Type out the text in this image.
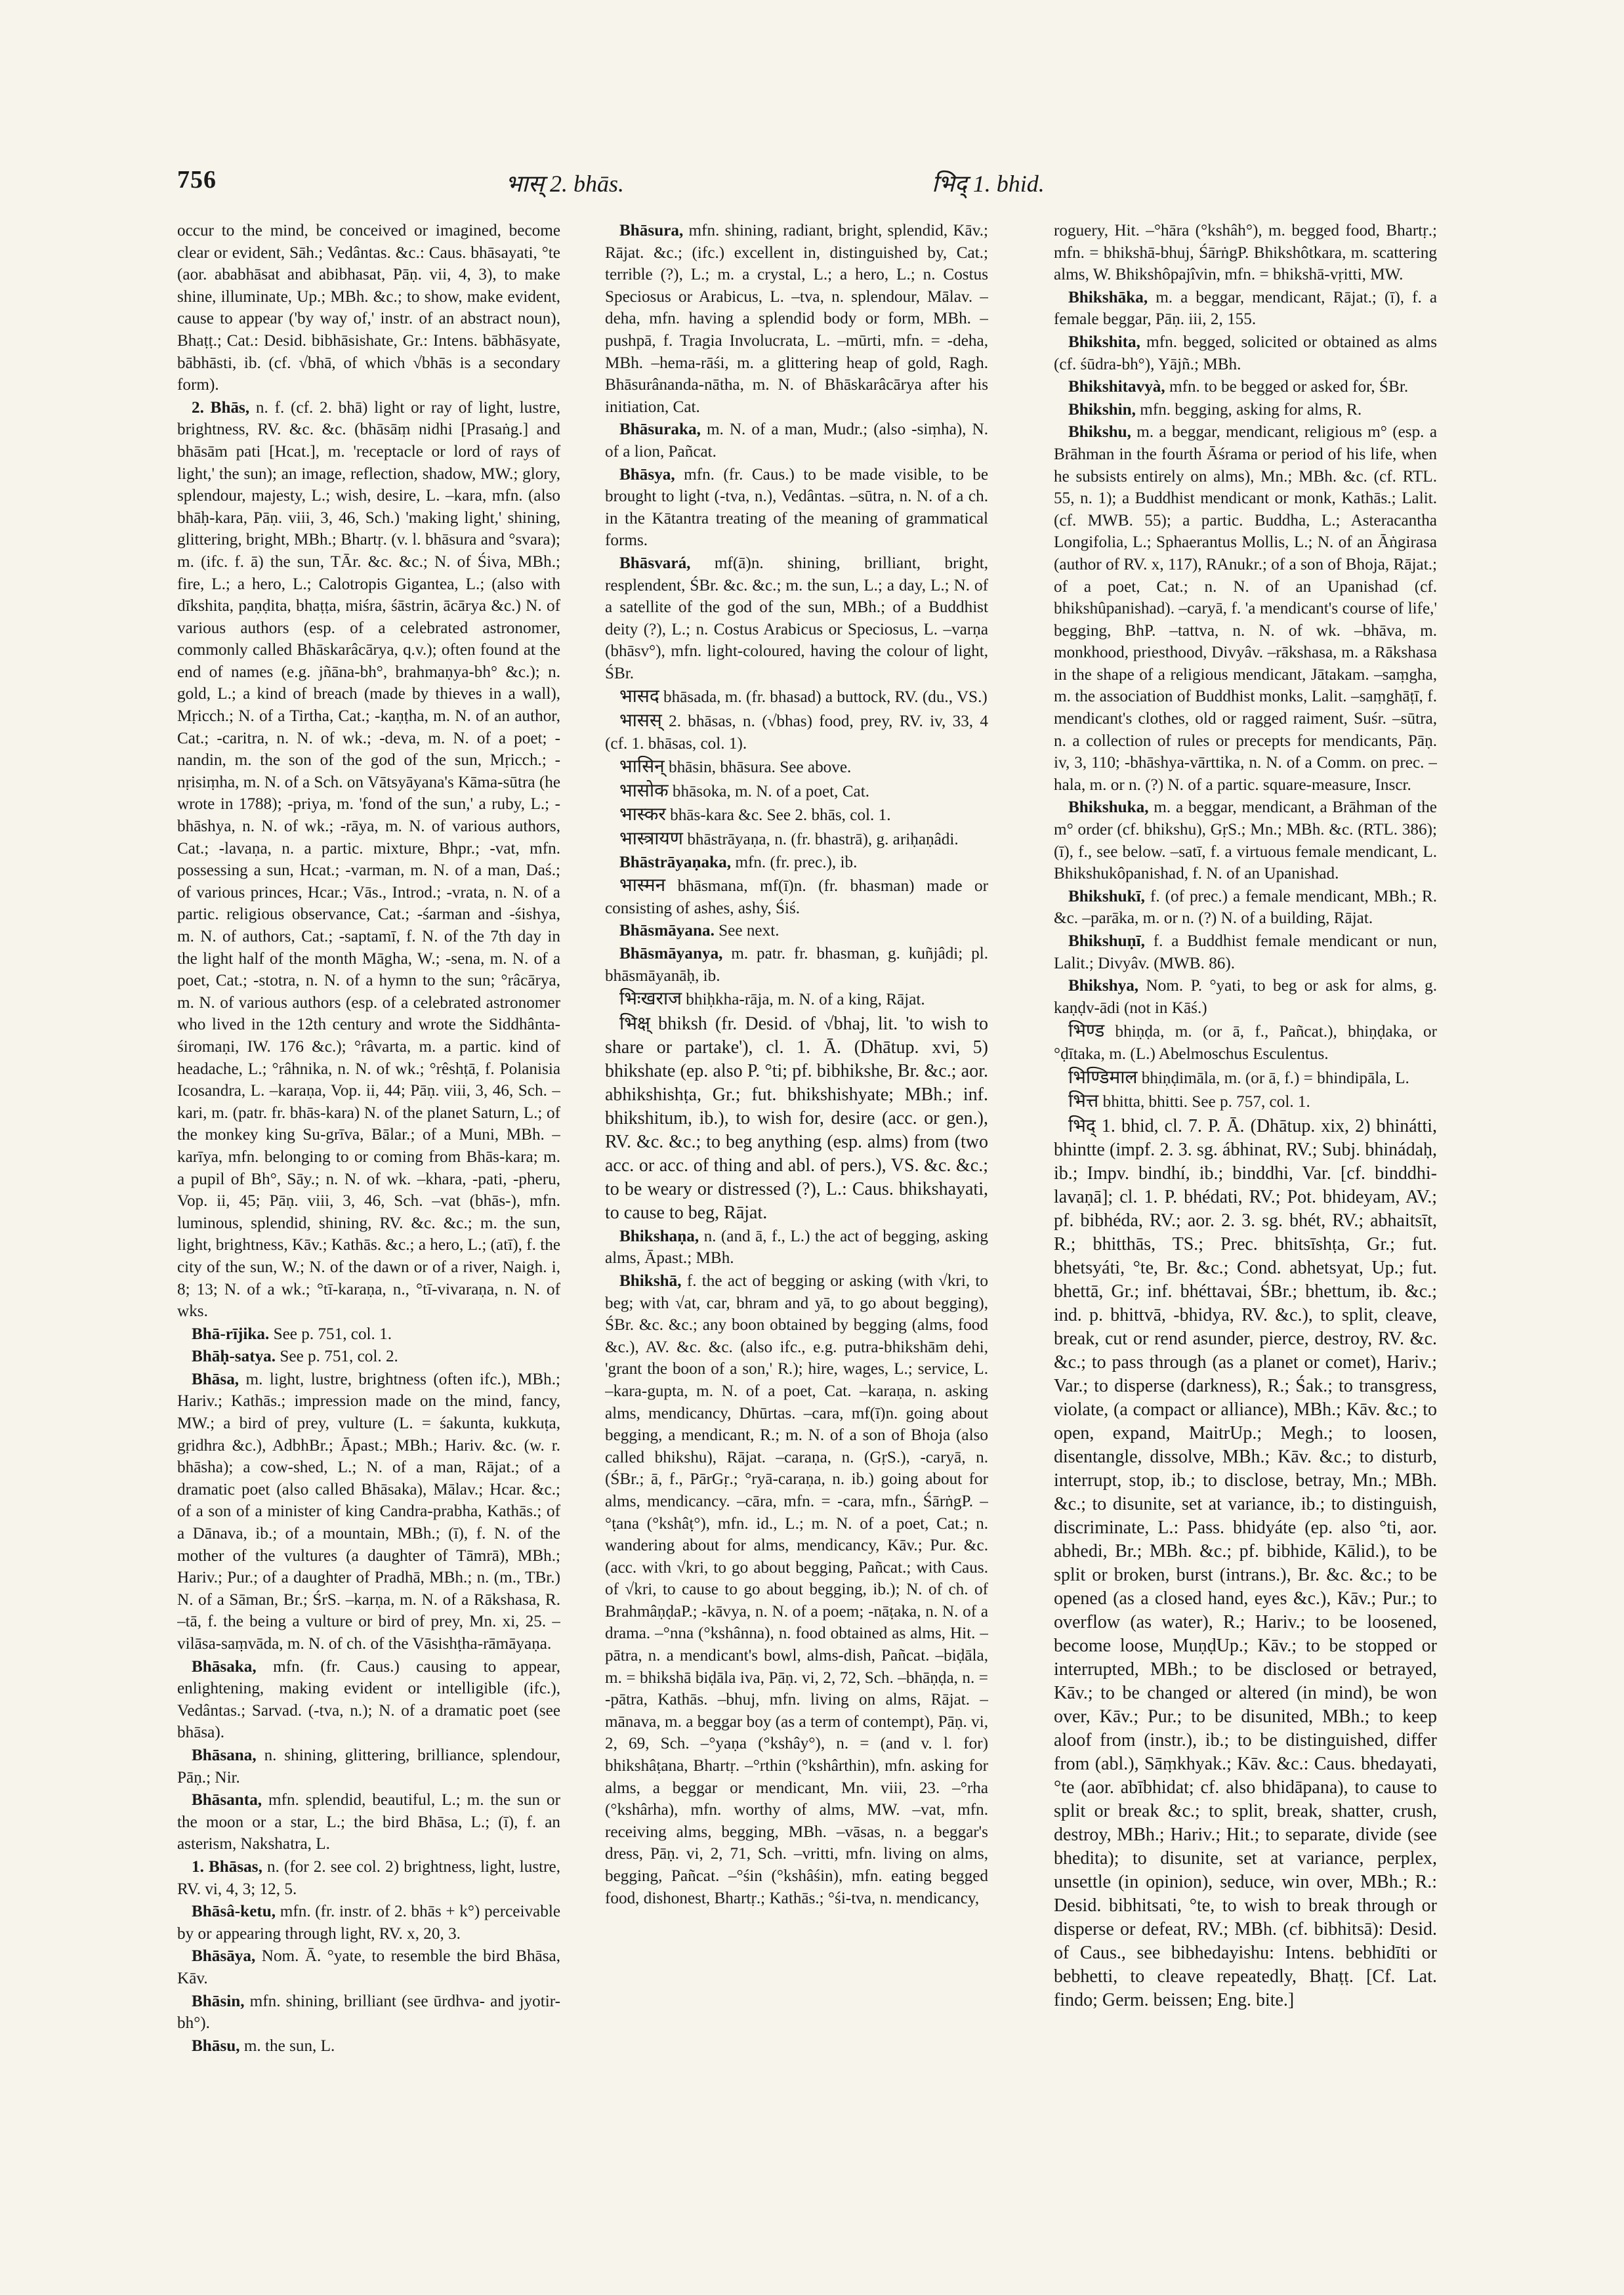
756	भास् 2. bhās.	भिद् 1. bhid.

occur to the mind, be conceived or imagined, become clear or evident, Sāh.; Vedântas. &c.: Caus. bhāsayati, °te (aor. ababhāsat and abibhasat, Pāṇ. vii, 4, 3), to make shine, illuminate, Up.; MBh. &c.; to show, make evident, cause to appear ('by way of,' instr. of an abstract noun), Bhaṭṭ.; Cat.: Desid. bibhāsishate, Gr.: Intens. bābhāsyate, bābhāsti, ib. (cf. √bhā, of which √bhās is a secondary form).

2. Bhās, n. f. (cf. 2. bhā) light or ray of light, lustre, brightness, RV. &c. &c. (bhāsāṃ nidhi [Prasaṅg.] and bhāsām pati [Hcat.], m. 'receptacle or lord of rays of light,' the sun); an image, reflection, shadow, MW.; glory, splendour, majesty, L.; wish, desire, L. –kara, mfn. (also bhāḥ-kara, Pāṇ. viii, 3, 46, Sch.) 'making light,' shining, glittering, bright, MBh.; Bhartṛ. (v. l. bhāsura and °svara); m. (ifc. f. ā) the sun, TĀr. &c. &c.; N. of Śiva, MBh.; fire, L.; a hero, L.; Calotropis Gigantea, L.; (also with dīkshita, paṇḍita, bhaṭṭa, miśra, śāstrin, ācārya &c.) N. of various authors (esp. of a celebrated astronomer, commonly called Bhāskarâcārya, q.v.); often found at the end of names (e.g. jñāna-bh°, brahmaṇya-bh° &c.); n. gold, L.; a kind of breach (made by thieves in a wall), Mṛicch.; N. of a Tirtha, Cat.; -kaṇṭha, m. N. of an author, Cat.; -caritra, n. N. of wk.; -deva, m. N. of a poet; -nandin, m. the son of the god of the sun, Mṛicch.; -nṛisiṃha, m. N. of a Sch. on Vātsyāyana's Kāma-sūtra (he wrote in 1788); -priya, m. 'fond of the sun,' a ruby, L.; -bhāshya, n. N. of wk.; -rāya, m. N. of various authors, Cat.; -lavaṇa, n. a partic. mixture, Bhpr.; -vat, mfn. possessing a sun, Hcat.; -varman, m. N. of a man, Daś.; of various princes, Hcar.; Vās., Introd.; -vrata, n. N. of a partic. religious observance, Cat.; -śarman and -śishya, m. N. of authors, Cat.; -saptamī, f. N. of the 7th day in the light half of the month Māgha, W.; -sena, m. N. of a poet, Cat.; -stotra, n. N. of a hymn to the sun; °râcārya, m. N. of various authors (esp. of a celebrated astronomer who lived in the 12th century and wrote the Siddhânta-śiromaṇi, IW. 176 &c.); °râvarta, m. a partic. kind of headache, L.; °râhnika, n. N. of wk.; °rêshṭā, f. Polanisia Icosandra, L. –karaṇa, Vop. ii, 44; Pāṇ. viii, 3, 46, Sch. –kari, m. (patr. fr. bhās-kara) N. of the planet Saturn, L.; of the monkey king Su-grīva, Bālar.; of a Muni, MBh. –karīya, mfn. belonging to or coming from Bhās-kara; m. a pupil of Bh°, Sāy.; n. N. of wk. –khara, -pati, -pheru, Vop. ii, 45; Pāṇ. viii, 3, 46, Sch. –vat (bhās-), mfn. luminous, splendid, shining, RV. &c. &c.; m. the sun, light, brightness, Kāv.; Kathās. &c.; a hero, L.; (atī), f. the city of the sun, W.; N. of the dawn or of a river, Naigh. i, 8; 13; N. of a wk.; °tī-karaṇa, n., °tī-vivaraṇa, n. N. of wks.

Bhā-rījika. See p. 751, col. 1.

Bhāḥ-satya. See p. 751, col. 2.

Bhāsa, m. light, lustre, brightness (often ifc.), MBh.; Hariv.; Kathās.; impression made on the mind, fancy, MW.; a bird of prey, vulture (L. = śakunta, kukkuṭa, gṛidhra &c.), AdbhBr.; Āpast.; MBh.; Hariv. &c. (w. r. bhāsha); a cow-shed, L.; N. of a man, Rājat.; of a dramatic poet (also called Bhāsaka), Mālav.; Hcar. &c.; of a son of a minister of king Candra-prabha, Kathās.; of a Dānava, ib.; of a mountain, MBh.; (ī), f. N. of the mother of the vultures (a daughter of Tāmrā), MBh.; Hariv.; Pur.; of a daughter of Pradhā, MBh.; n. (m., TBr.) N. of a Sāman, Br.; ŚrS. –karṇa, m. N. of a Rākshasa, R. –tā, f. the being a vulture or bird of prey, Mn. xi, 25. –vilāsa-saṃvāda, m. N. of ch. of the Vāsishṭha-rāmāyaṇa.

Bhāsaka, mfn. (fr. Caus.) causing to appear, enlightening, making evident or intelligible (ifc.), Vedântas.; Sarvad. (-tva, n.); N. of a dramatic poet (see bhāsa).

Bhāsana, n. shining, glittering, brilliance, splendour, Pāṇ.; Nir.

Bhāsanta, mfn. splendid, beautiful, L.; m. the sun or the moon or a star, L.; the bird Bhāsa, L.; (ī), f. an asterism, Nakshatra, L.

1. Bhāsas, n. (for 2. see col. 2) brightness, light, lustre, RV. vi, 4, 3; 12, 5.

Bhāsâ-ketu, mfn. (fr. instr. of 2. bhās + k°) perceivable by or appearing through light, RV. x, 20, 3.

Bhāsāya, Nom. Ā. °yate, to resemble the bird Bhāsa, Kāv.

Bhāsin, mfn. shining, brilliant (see ūrdhva- and jyotir-bh°).

Bhāsu, m. the sun, L.

Bhāsura, mfn. shining, radiant, bright, splendid, Kāv.; Rājat. &c.; (ifc.) excellent in, distinguished by, Cat.; terrible (?), L.; m. a crystal, L.; a hero, L.; n. Costus Speciosus or Arabicus, L. –tva, n. splendour, Mālav. –deha, mfn. having a splendid body or form, MBh. –pushpā, f. Tragia Involucrata, L. –mūrti, mfn. = -deha, MBh. –hema-rāśi, m. a glittering heap of gold, Ragh. Bhāsurânanda-nātha, m. N. of Bhāskarâcārya after his initiation, Cat.

Bhāsuraka, m. N. of a man, Mudr.; (also -siṃha), N. of a lion, Pañcat.

Bhāsya, mfn. (fr. Caus.) to be made visible, to be brought to light (-tva, n.), Vedântas. –sūtra, n. N. of a ch. in the Kātantra treating of the meaning of grammatical forms.

Bhāsvará, mf(ā)n. shining, brilliant, bright, resplendent, ŚBr. &c. &c.; m. the sun, L.; a day, L.; N. of a satellite of the god of the sun, MBh.; of a Buddhist deity (?), L.; n. Costus Arabicus or Speciosus, L. –varṇa (bhāsv°), mfn. light-coloured, having the colour of light, ŚBr.

भासद bhāsada, m. (fr. bhasad) a buttock, RV. (du., VS.)

भासस् 2. bhāsas, n. (√bhas) food, prey, RV. iv, 33, 4 (cf. 1. bhāsas, col. 1).

भासिन् bhāsin, bhāsura. See above.

भासोक bhāsoka, m. N. of a poet, Cat.

भास्कर bhās-kara &c. See 2. bhās, col. 1.

भास्त्रायण bhāstrāyaṇa, n. (fr. bhastrā), g. ariḥaṇâdi.

Bhāstrāyaṇaka, mfn. (fr. prec.), ib.

भास्मन bhāsmana, mf(ī)n. (fr. bhasman) made or consisting of ashes, ashy, Śiś.

Bhāsmāyana. See next.

Bhāsmāyanya, m. patr. fr. bhasman, g. kuñjâdi; pl. bhāsmāyanāḥ, ib.

भिःखराज bhiḥkha-rāja, m. N. of a king, Rājat.

भिक्ष् bhiksh (fr. Desid. of √bhaj, lit. 'to wish to share or partake'), cl. 1. Ā. (Dhātup. xvi, 5) bhikshate (ep. also P. °ti; pf. bibhikshe, Br. &c.; aor. abhikshishṭa, Gr.; fut. bhikshishyate; MBh.; inf. bhikshitum, ib.), to wish for, desire (acc. or gen.), RV. &c. &c.; to beg anything (esp. alms) from (two acc. or acc. of thing and abl. of pers.), VS. &c. &c.; to be weary or distressed (?), L.: Caus. bhikshayati, to cause to beg, Rājat.

Bhikshaṇa, n. (and ā, f., L.) the act of begging, asking alms, Āpast.; MBh.

Bhikshā, f. the act of begging or asking (with √kri, to beg; with √at, car, bhram and yā, to go about begging), ŚBr. &c. &c.; any boon obtained by begging (alms, food &c.), AV. &c. &c. (also ifc., e.g. putra-bhikshām dehi, 'grant the boon of a son,' R.); hire, wages, L.; service, L. –kara-gupta, m. N. of a poet, Cat. –karaṇa, n. asking alms, mendicancy, Dhūrtas. –cara, mf(ī)n. going about begging, a mendicant, R.; m. N. of a son of Bhoja (also called bhikshu), Rājat. –caraṇa, n. (GṛS.), -caryā, n. (ŚBr.; ā, f., PārGṛ.; °ryā-caraṇa, n. ib.) going about for alms, mendicancy. –cāra, mfn. = -cara, mfn., ŚārṅgP. –°ṭana (°kshâṭ°), mfn. id., L.; m. N. of a poet, Cat.; n. wandering about for alms, mendicancy, Kāv.; Pur. &c. (acc. with √kri, to go about begging, Pañcat.; with Caus. of √kri, to cause to go about begging, ib.); N. of ch. of BrahmâṇḍaP.; -kāvya, n. N. of a poem; -nāṭaka, n. N. of a drama. –°nna (°kshânna), n. food obtained as alms, Hit. –pātra, n. a mendicant's bowl, alms-dish, Pañcat. –biḍāla, m. = bhikshā biḍāla iva, Pāṇ. vi, 2, 72, Sch. –bhāṇḍa, n. = -pātra, Kathās. –bhuj, mfn. living on alms, Rājat. –mānava, m. a beggar boy (as a term of contempt), Pāṇ. vi, 2, 69, Sch. –°yaṇa (°kshây°), n. = (and v. l. for) bhikshâṭana, Bhartṛ. –°rthin (°kshârthin), mfn. asking for alms, a beggar or mendicant, Mn. viii, 23. –°rha (°kshârha), mfn. worthy of alms, MW. –vat, mfn. receiving alms, begging, MBh. –vāsas, n. a beggar's dress, Pāṇ. vi, 2, 71, Sch. –vritti, mfn. living on alms, begging, Pañcat. –°śin (°kshâśin), mfn. eating begged food, dishonest, Bhartṛ.; Kathās.; °śi-tva, n. mendicancy,

roguery, Hit. –°hāra (°kshâh°), m. begged food, Bhartṛ.; mfn. = bhikshā-bhuj, ŚārṅgP. Bhikshôtkara, m. scattering alms, W. Bhikshôpajîvin, mfn. = bhikshā-vṛitti, MW.

Bhikshāka, m. a beggar, mendicant, Rājat.; (ī), f. a female beggar, Pāṇ. iii, 2, 155.

Bhikshita, mfn. begged, solicited or obtained as alms (cf. śūdra-bh°), Yājñ.; MBh.

Bhikshitavyà, mfn. to be begged or asked for, ŚBr.

Bhikshin, mfn. begging, asking for alms, R.

Bhikshu, m. a beggar, mendicant, religious m° (esp. a Brāhman in the fourth Āśrama or period of his life, when he subsists entirely on alms), Mn.; MBh. &c. (cf. RTL. 55, n. 1); a Buddhist mendicant or monk, Kathās.; Lalit. (cf. MWB. 55); a partic. Buddha, L.; Asteracantha Longifolia, L.; Sphaerantus Mollis, L.; N. of an Āṅgirasa (author of RV. x, 117), RAnukr.; of a son of Bhoja, Rājat.; of a poet, Cat.; n. N. of an Upanishad (cf. bhikshûpanishad). –caryā, f. 'a mendicant's course of life,' begging, BhP. –tattva, n. N. of wk. –bhāva, m. monkhood, priesthood, Divyâv. –rākshasa, m. a Rākshasa in the shape of a religious mendicant, Jātakam. –saṃgha, m. the association of Buddhist monks, Lalit. –saṃghāṭī, f. mendicant's clothes, old or ragged raiment, Suśr. –sūtra, n. a collection of rules or precepts for mendicants, Pāṇ. iv, 3, 110; -bhāshya-vārttika, n. N. of a Comm. on prec. –hala, m. or n. (?) N. of a partic. square-measure, Inscr.

Bhikshuka, m. a beggar, mendicant, a Brāhman of the m° order (cf. bhikshu), GṛS.; Mn.; MBh. &c. (RTL. 386); (ī), f., see below. –satī, f. a virtuous female mendicant, L. Bhikshukôpanishad, f. N. of an Upanishad.

Bhikshukī, f. (of prec.) a female mendicant, MBh.; R. &c. –parāka, m. or n. (?) N. of a building, Rājat.

Bhikshuṇī, f. a Buddhist female mendicant or nun, Lalit.; Divyâv. (MWB. 86).

Bhikshya, Nom. P. °yati, to beg or ask for alms, g. kaṇḍv-ādi (not in Kāś.)

भिण्ड bhiṇḍa, m. (or ā, f., Pañcat.), bhiṇḍaka, or °ḍītaka, m. (L.) Abelmoschus Esculentus.

भिण्डिमाल bhiṇḍimāla, m. (or ā, f.) = bhindipāla, L.

भित्त bhitta, bhitti. See p. 757, col. 1.

भिद् 1. bhid, cl. 7. P. Ā. (Dhātup. xix, 2) bhinátti, bhintte (impf. 2. 3. sg. ábhinat, RV.; Subj. bhinádaḥ, ib.; Impv. bindhí, ib.; binddhi, Var. [cf. binddhi-lavaṇā]; cl. 1. P. bhédati, RV.; Pot. bhideyam, AV.; pf. bibhéda, RV.; aor. 2. 3. sg. bhét, RV.; abhaitsīt, R.; bhitthās, TS.; Prec. bhitsīshṭa, Gr.; fut. bhetsyáti, °te, Br. &c.; Cond. abhetsyat, Up.; fut. bhettā, Gr.; inf. bhéttavai, ŚBr.; bhettum, ib. &c.; ind. p. bhittvā, -bhidya, RV. &c.), to split, cleave, break, cut or rend asunder, pierce, destroy, RV. &c. &c.; to pass through (as a planet or comet), Hariv.; Var.; to disperse (darkness), R.; Śak.; to transgress, violate, (a compact or alliance), MBh.; Kāv. &c.; to open, expand, MaitrUp.; Megh.; to loosen, disentangle, dissolve, MBh.; Kāv. &c.; to disturb, interrupt, stop, ib.; to disclose, betray, Mn.; MBh. &c.; to disunite, set at variance, ib.; to distinguish, discriminate, L.: Pass. bhidyáte (ep. also °ti, aor. abhedi, Br.; MBh. &c.; pf. bibhide, Kālid.), to be split or broken, burst (intrans.), Br. &c. &c.; to be opened (as a closed hand, eyes &c.), Kāv.; Pur.; to overflow (as water), R.; Hariv.; to be loosened, become loose, MuṇḍUp.; Kāv.; to be stopped or interrupted, MBh.; to be disclosed or betrayed, Kāv.; to be changed or altered (in mind), be won over, Kāv.; Pur.; to be disunited, MBh.; to keep aloof from (instr.), ib.; to be distinguished, differ from (abl.), Sāṃkhyak.; Kāv. &c.: Caus. bhedayati, °te (aor. abībhidat; cf. also bhidāpana), to cause to split or break &c.; to split, break, shatter, crush, destroy, MBh.; Hariv.; Hit.; to separate, divide (see bhedita); to disunite, set at variance, perplex, unsettle (in opinion), seduce, win over, MBh.; R.: Desid. bibhitsati, °te, to wish to break through or disperse or defeat, RV.; MBh. (cf. bibhitsā): Desid. of Caus., see bibhedayishu: Intens. bebhidīti or bebhetti, to cleave repeatedly, Bhaṭṭ. [Cf. Lat. findo; Germ. beissen; Eng. bite.]
